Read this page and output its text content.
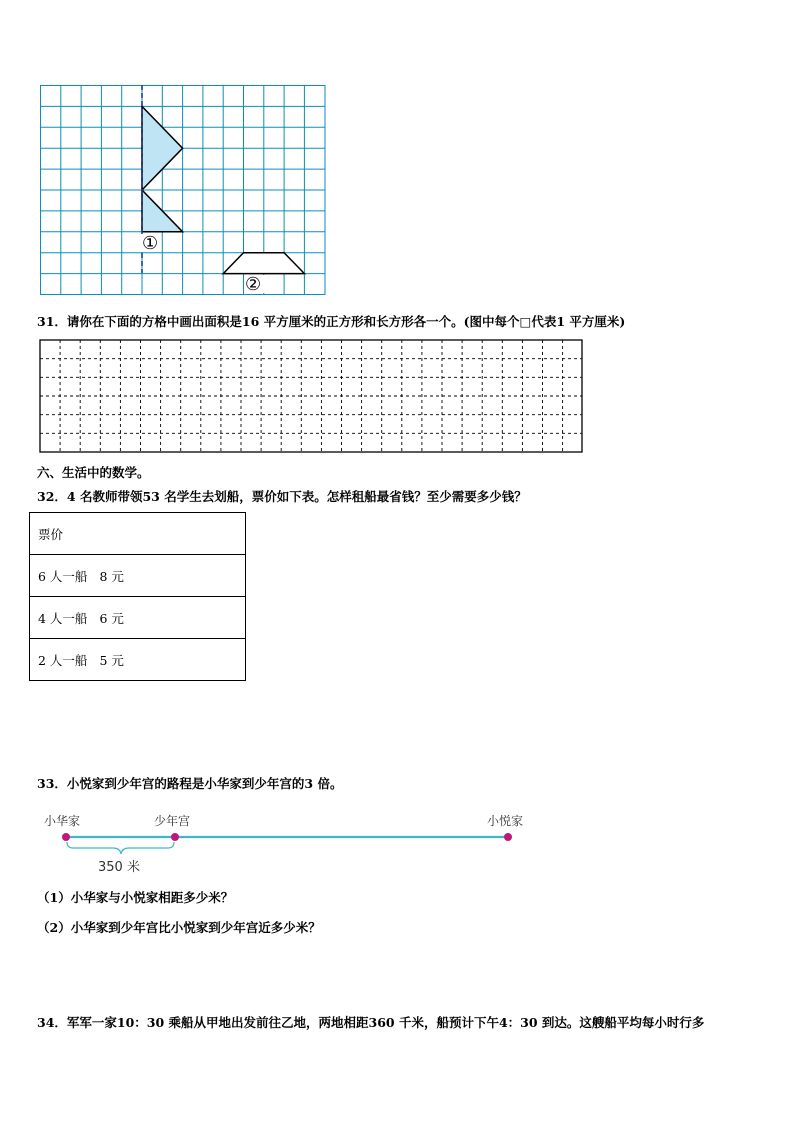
①
②
31．请你在下面的方格中画出面积是16 平方厘米的正方形和长方形各一个。(图中每个□代表1 平方厘米)
六、生活中的数学。
32．4 名教师带领53 名学生去划船，票价如下表。怎样租船最省钱？至少需要多少钱？
票价
6 人一船 8 元
4 人一船 6 元
2 人一船 5 元
33．小悦家到少年宫的路程是小华家到少年宫的3 倍。
小华家	少年宫	小悦家
350 米
（1）小华家与小悦家相距多少米？
（2）小华家到少年宫比小悦家到少年宫近多少米？
34．军军一家10：30 乘船从甲地出发前往乙地，两地相距360 千米，船预计下午4：30 到达。这艘船平均每小时行多
